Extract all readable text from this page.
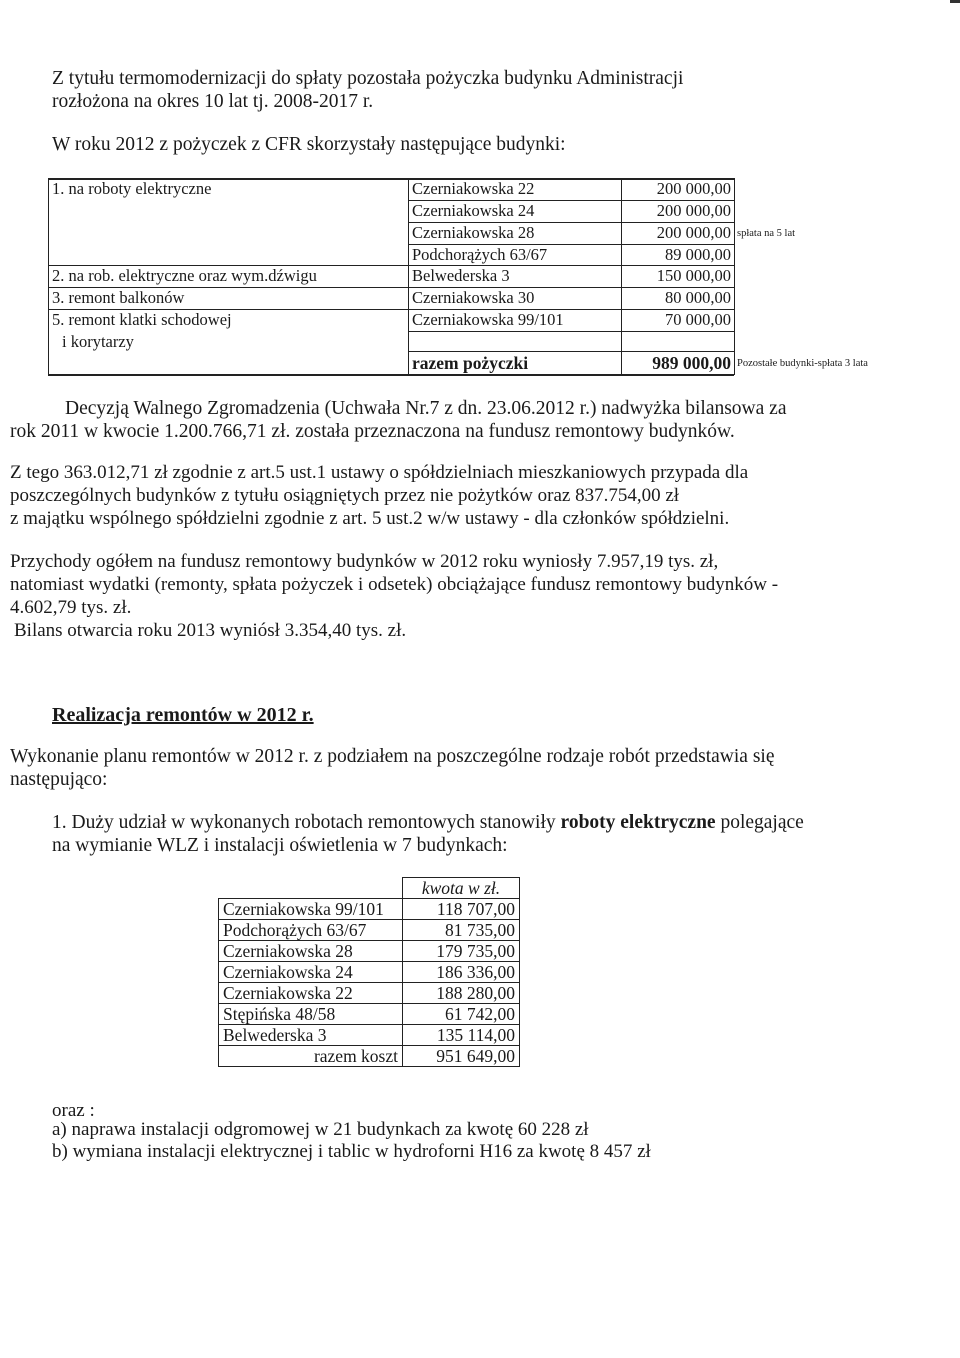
Z tytułu termomodernizacji do spłaty pozostała pożyczka budynku Administracji

rozłożona na okres 10 lat tj. 2008-2017 r.

W roku 2012 z pożyczek z CFR skorzystały następujące budynki:

1. na roboty elektryczne	Czerniakowska 22	200 000,00
Czerniakowska 24	200 000,00
Czerniakowska 28	200 000,00 spłata na 5 lat
Podchorążych 63/67	89 000,00
2. na rob. elektryczne oraz wym.dźwigu	Belwederska 3	150 000,00
3. remont balkonów	Czerniakowska 30	80 000,00
5. remont klatki schodowej	Czerniakowska 99/101	70 000,00
i korytarzy
razem pożyczki	989 000,00 Pozostałe budynki-spłata 3 lata

Decyzją Walnego Zgromadzenia (Uchwała Nr.7 z dn. 23.06.2012 r.) nadwyżka bilansowa za

rok 2011 w kwocie 1.200.766,71 zł. została przeznaczona na fundusz remontowy budynków.

Z tego 363.012,71 zł zgodnie z art.5 ust.1 ustawy o spółdzielniach mieszkaniowych przypada dla

poszczególnych budynków z tytułu osiągniętych przez nie pożytków oraz 837.754,00 zł

z majątku wspólnego spółdzielni zgodnie z art. 5 ust.2 w/w ustawy - dla członków spółdzielni.

Przychody ogółem na fundusz remontowy budynków w 2012 roku wyniosły 7.957,19 tys. zł,

natomiast wydatki (remonty, spłata pożyczek i odsetek) obciążające fundusz remontowy budynków -

4.602,79 tys. zł.

Bilans otwarcia roku 2013 wyniósł 3.354,40 tys. zł.

Realizacja remontów w 2012 r.

Wykonanie planu remontów w 2012 r. z podziałem na poszczególne rodzaje robót przedstawia się

następująco:

1. Duży udział w wykonanych robotach remontowych stanowiły roboty elektryczne polegające

na wymianie WLZ i instalacji oświetlenia w 7 budynkach:

	kwota w zł.
Czerniakowska 99/101	118 707,00
Podchorążych 63/67	81 735,00
Czerniakowska 28	179 735,00
Czerniakowska 24	186 336,00
Czerniakowska 22	188 280,00
Stępińska 48/58	61 742,00
Belwederska 3	135 114,00
razem koszt	951 649,00

oraz :

a) naprawa instalacji odgromowej w 21 budynkach za kwotę 60 228 zł

b) wymiana instalacji elektrycznej i tablic w hydroforni H16 za kwotę 8 457 zł
